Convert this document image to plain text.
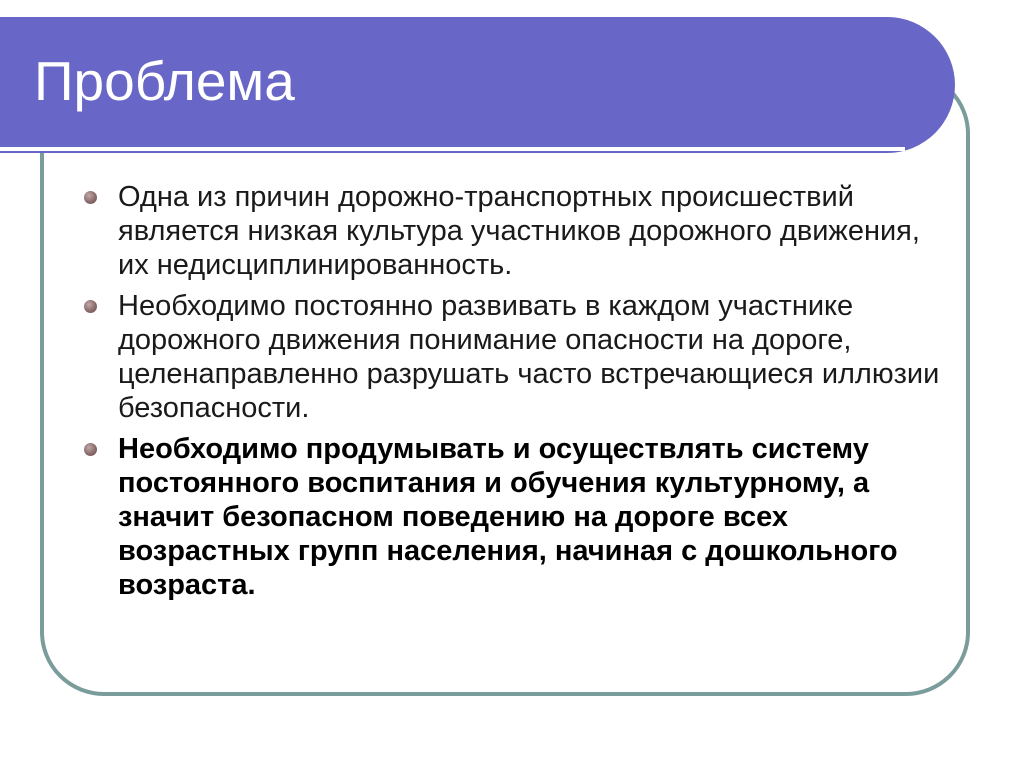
Проблема
Одна из причин дорожно-транспортных происшествий является низкая культура участников дорожного движения, их недисциплинированность.
Необходимо постоянно развивать в каждом участнике дорожного движения понимание опасности на дороге, целенаправленно разрушать часто встречающиеся иллюзии безопасности.
Необходимо продумывать и осуществлять систему постоянного воспитания и обучения культурному, а значит безопасном поведению на дороге всех возрастных групп населения, начиная с дошкольного возраста.
